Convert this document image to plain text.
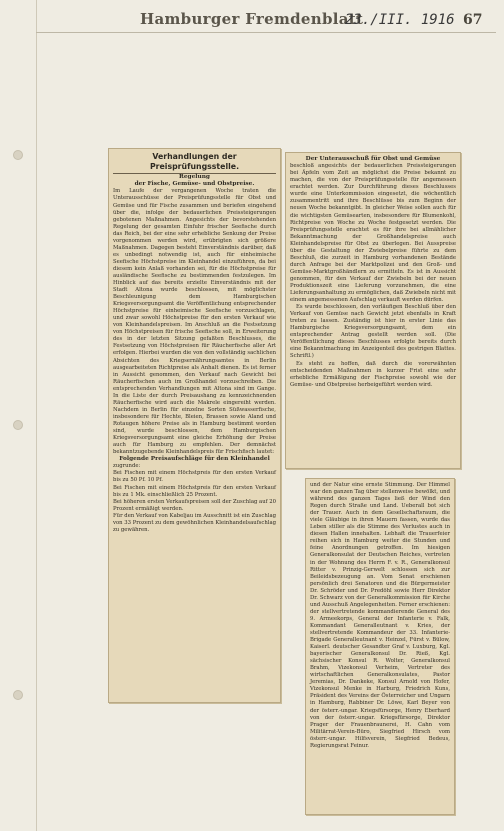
Hamburger Fremdenblatt
23./III. 1916 67

Verhandlungen der Preisprüfungsstelle.

Regelung

der Fische, Gemüse- und Obstpreise.

Im Laufe der vergangenen Woche traten die Unterausschüsse der Preisprüfungsstelle für Obst und Gemüse und für Fische zusammen und beriefen eingehend über die, infolge der bedauerlichen Preissteigerungen gebotenen Maßnahmen. Angesichts der bevorstehenden Regelung der gesamten Einfuhr frischer Seefische durch das Reich, bei der eine sehr erhebliche Senkung der Preise vorgenommen werden wird, erübrigten sich größere Maßnahmen. Dagegen besteht Einverständnis darüber, daß es unbedingt notwendig ist, auch für einheimische Seefische Höchstpreise im Kleinhandel einzuführen, da bei diesem kein Anlaß vorhanden sei, für die Höchstpreise für ausländische Seefische zu bestimmenden festzulegen. Im Hinblick auf das bereits erzielte Einverständnis mit der Stadt Altona wurde beschlossen, mit möglichster Beschleunigung dem Hamburgischen Kriegsversorgungsamt die Veröffentlichung entsprechender Höchstpreise für einheimische Seefische vorzuschlagen, und zwar sowohl Höchstpreise für den ersten Verkauf wie von Kleinhandelspreisen. Im Anschluß an die Festsetzung von Höchstpreisen für frische Seefische soll, in Erweiterung des in der letzten Sitzung gefaßten Beschlusses, die Festsetzung von Höchstpreisen für Räucherfische aller Art erfolgen. Hierbei wurden die von den vollständig sachlichen Absichten des Kriegsernährungsamtes in Berlin ausgearbeiteten Richtpreise als Anhalt dienen. Es ist ferner in Aussicht genommen, den Verkauf nach Gewicht bei Räucherfischen auch im Großhandel vorzuschreiben. Die entsprechenden Verhandlungen mit Altona sind im Gange. In die Liste der durch Preisaushang zu kennzeichnenden Räucherfische wird auch die Makrele eingereiht werden. Nachdem in Berlin für einzelne Sorten Süßwasserfische, insbesondere für Hechte, Bleien, Brassen sowie Aland und Rotaugen höhere Preise als in Hamburg bestimmt worden sind, wurde beschlossen, dem Hamburgischen Kriegsversorgungsamt eine gleiche Erhöhung der Preise auch für Hamburg zu empfehlen. Der demnächst bekanntzugebende Kleinhandelspreis für Frischfisch lautet:

Folgende Preisaufschläge für den Kleinhandel

zugrunde:

Bei Fischen mit einem Höchstpreis für den ersten Verkauf bis zu 50 Pf. 10 Pf.

Bei Fischen mit einem Höchstpreis für den ersten Verkauf bis zu 1 Mk. einschließlich 25 Prozent.

Bei höheren ersten Verkaufspreisen soll der Zuschlag auf 20 Prozent ermäßigt werden.

Für den Verkauf von Kabeljau im Ausschnitt ist ein Zuschlag von 33 Prozent zu dem gewöhnlichen Kleinhandelsaufschlag zu gewähren.

Der Unterausschuß für Obst und Gemüse

beschloß angesichts der bedauerlichen Preissteigerungen bei Äpfeln vom Zeit an möglichst die Preise bekannt zu machen, die von der Preisprüfungsstelle für angemessen erachtet werden. Zur Durchführung dieses Beschlusses wurde eine Unterkommission eingesetzt, die wöchentlich zusammentritt und ihre Beschlüsse bis zum Beginn der neuen Woche bekanntgibt. In gleicher Weise sollen auch für die wichtigsten Gemüsearten, insbesondere für Blumenkohl, Richtpreise von Woche zu Woche festgesetzt werden. Die Preisprüfungsstelle erachtet es für ihre bei allmählicher Bekanntmachung der Großhandelspreise auch Kleinhandelspreise für Obst zu überlegen. Bei Ausspreise über die Gestaltung der Zwiebelpreise führte zu dem Beschluß, die zurzeit in Hamburg vorhandenen Bestände durch Anfrage bei der Marktpolizei und den Groß- und Gemüse-Marktgroßhändlern zu ermitteln. Es ist in Aussicht genommen, für den Verkauf der Zwiebeln bei der neuen Produktionszeit eine Lieferung vorzunehmen, die eine Lieferungsanhaltung zu ermöglichen, daß Zwiebeln nicht mit einem angemessenen Aufschlag verkauft werden dürfen.

Es wurde beschlossen, den vorläufigen Beschluß über den Verkauf von Gemüse nach Gewicht jetzt ebenfalls in Kraft treten zu lassen. Zuständig ist hier in erster Linie das Hamburgische Kriegsversorgungsamt, dem ein entsprechender Antrag gestellt werden soll. (Die Veröffentlichung dieses Beschlusses erfolgte bereits durch eine Bekanntmachung im Anzeigenteil des gestrigen Blattes. Schriftl.)

Es steht zu hoffen, daß durch die vorerwähnten entscheidenden Maßnahmen in kurzer Frist eine sehr erhebliche Ermäßigung der Fischpreise sowohl wie der Gemüse- und Obstpreise herbeigeführt werden wird.

und der Natur eine ernste Stimmung. Der Himmel war den ganzen Tag über stellenweise bewölkt, und während des ganzen Tages ließ der Wind den Regen durch Straße und Land. Ueberall bot sich der Trauer. Auch in dem Gesellschaftsraum, die viele Gläubige in ihren Mauern fassen, wurde das Leben stiller als die Stimme des Verlustes auch in diesen Hallen innehalten. Lebhaft die Trauerfeier reihen sich in Hamburg weiter die Stunden und feine Anordnungen getroffen. Im hiesigen Generalkonsulat der Deutschen Reiches, vertreten in der Wohnung des Herrn F. v. R., Generalkonsul Ritter v. Prinzig-Gerwelt schlossen sich zur Beileidsbezeugung an. Vom Senat erschienen persönlich drei Senatoren und die Bürgermeister Dr. Schröder und Dr. Predöhl sowie Herr Direktor Dr. Schwarz von der Generalkommission für Kirche und Ausschuß Angelegenheiten. Ferner erschienen: der stellvertretende kommandierende General des 9. Armeekorps, General der Infanterie v. Falk, Kommandant Generalleutnant v. Kries, der stellvertretende Kommandeur der 33. Infanterie-Brigade Generalleutnant v. Heinzel, Fürst v. Bülow, Kaiserl. deutscher Gesandter Graf v. Luxburg, Kgl. bayerischer Generalkonsul Dr. Rieß, Kgl. sächsischer Konsul R. Wolter, Generalkonsul Brahm, Vizekonsul Verheim, Vertreter des wirtschaftlichen Generalkonsulates, Pastor Jeremias, Dr. Dankeke, Konsul Arnold von Hofer, Vizekonsul Menke in Harburg, Friedrich Kuns, Präsident des Vereins der Österreicher und Ungarn in Hamburg, Rabbiner Dr. Löwe, Karl Beyer von der österr.-ungar. Kriegsfürsorge, Henry Eberhard von der österr.-ungar. Kriegsfürsorge, Direktor Prager der Frauenbraunerei, H. Cahn vom Militärrat-Verein-Büro, Siegfried Hirsch vom österr.-ungar. Hilfsverein, Siegfried Bedeus, Regierungsrat Feinur.
